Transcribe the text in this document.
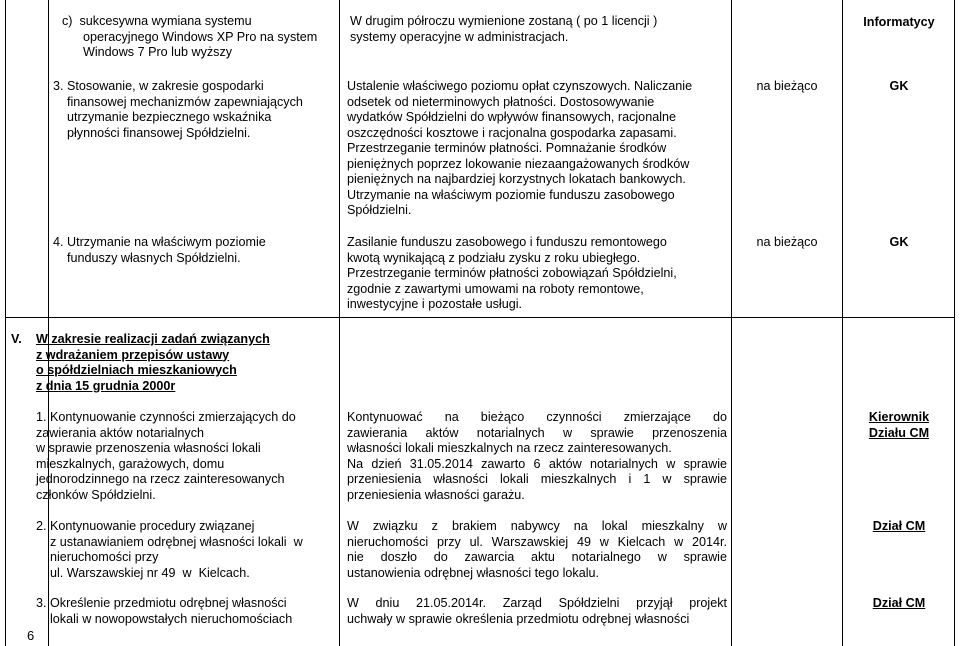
c)  sukcesywna wymiana systemu
operacyjnego Windows XP Pro na system
Windows 7 Pro lub wyższy
W drugim półroczu wymienione zostaną ( po 1 licencji )
systemy operacyjne w administracjach.
Informatycy
3. Stosowanie, w zakresie gospodarki
finansowej mechanizmów zapewniających
utrzymanie bezpiecznego wskaźnika
płynności finansowej Spółdzielni.
Ustalenie właściwego poziomu opłat czynszowych. Naliczanie
odsetek od nieterminowych płatności. Dostosowywanie
wydatków Spółdzielni do wpływów finansowych, racjonalne
oszczędności kosztowe i racjonalna gospodarka zapasami.
Przestrzeganie terminów płatności. Pomnażanie środków
pieniężnych poprzez lokowanie niezaangażowanych środków
pieniężnych na najbardziej korzystnych lokatach bankowych.
Utrzymanie na właściwym poziomie funduszu zasobowego
Spółdzielni.
na bieżąco	GK
4. Utrzymanie na właściwym poziomie
funduszy własnych Spółdzielni.
Zasilanie funduszu zasobowego i funduszu remontowego
kwotą wynikającą z podziału zysku z roku ubiegłego.
Przestrzeganie terminów płatności zobowiązań Spółdzielni,
zgodnie z zawartymi umowami na roboty remontowe,
inwestycyjne i pozostałe usługi.
na bieżąco	GK
V. W zakresie realizacji zadań związanych
z wdrażaniem przepisów ustawy
o spółdzielniach mieszkaniowych
z dnia 15 grudnia 2000r
1. Kontynuowanie czynności zmierzających do
zawierania aktów notarialnych
w sprawie przenoszenia własności lokali
mieszkalnych, garażowych, domu
jednorodzinnego na rzecz zainteresowanych
członków Spółdzielni.

Kontynuować na bieżąco czynności zmierzające do

zawierania aktów notarialnych w sprawie przenoszenia

własności lokali mieszkalnych na rzecz zainteresowanych.

Na dzień 31.05.2014 zawarto 6 aktów notarialnych w sprawie

przeniesienia własności lokali mieszkalnych i 1 w sprawie

przeniesienia własności garażu.

Kierownik
Działu CM
2. Kontynuowanie procedury związanej
z ustanawianiem odrębnej własności lokali  w
nieruchomości przy
ul. Warszawskiej nr 49  w  Kielcach.

W związku z brakiem nabywcy na lokal mieszkalny w

nieruchomości przy ul. Warszawskiej 49 w Kielcach w 2014r.

nie doszło do zawarcia aktu notarialnego w sprawie

ustanowienia odrębnej własności tego lokalu.

Dział CM
3. Określenie przedmiotu odrębnej własności
lokali w nowopowstałych nieruchomościach

W dniu 21.05.2014r. Zarząd Spółdzielni przyjął projekt

uchwały w sprawie określenia przedmiotu odrębnej własności

Dział CM
6
